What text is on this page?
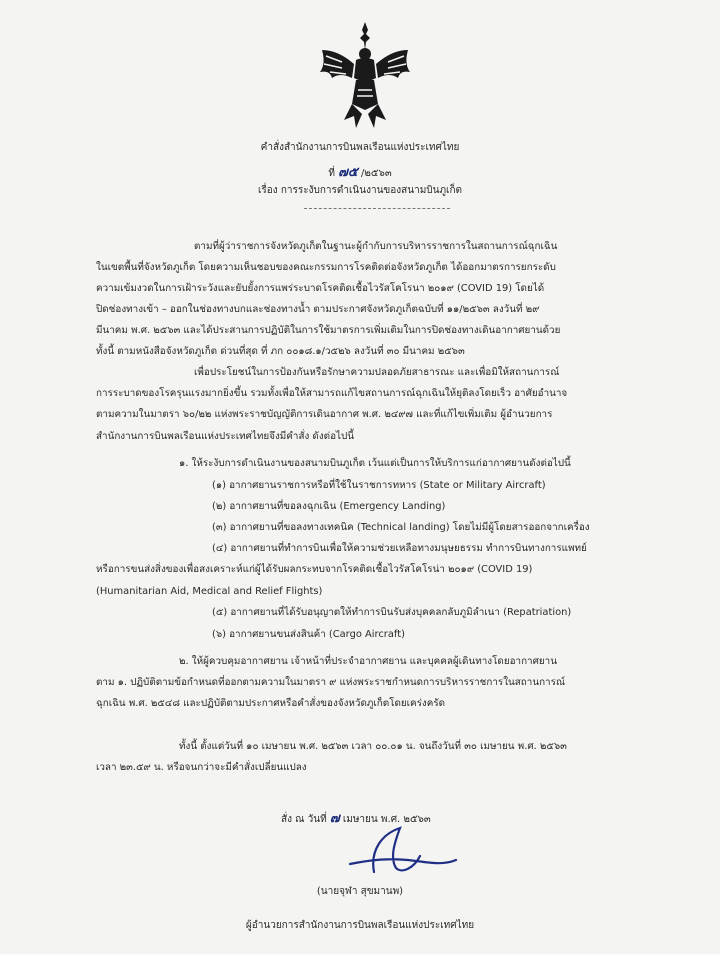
คำสั่งสำนักงานการบินพลเรือนแห่งประเทศไทย
ที่ ๗๕ /๒๕๖๓
เรื่อง การระงับการดำเนินงานของสนามบินภูเก็ต
ตามที่ผู้ว่าราชการจังหวัดภูเก็ตในฐานะผู้กำกับการบริหารราชการในสถานการณ์ฉุกเฉิน
ในเขตพื้นที่จังหวัดภูเก็ต โดยความเห็นชอบของคณะกรรมการโรคติดต่อจังหวัดภูเก็ต ได้ออกมาตรการยกระดับ
ความเข้มงวดในการเฝ้าระวังและยับยั้งการแพร่ระบาดโรคติดเชื้อไวรัสโคโรนา ๒๐๑๙ (COVID 19) โดยได้
ปิดช่องทางเข้า – ออกในช่องทางบกและช่องทางน้ำ ตามประกาศจังหวัดภูเก็ตฉบับที่ ๑๑/๒๕๖๓ ลงวันที่ ๒๙
มีนาคม พ.ศ. ๒๕๖๓ และได้ประสานการปฏิบัติในการใช้มาตรการเพิ่มเติมในการปิดช่องทางเดินอากาศยานด้วย
ทั้งนี้ ตามหนังสือจังหวัดภูเก็ต ด่วนที่สุด ที่ ภก ๐๐๑๘.๑/ว๕๒๖ ลงวันที่ ๓๐ มีนาคม ๒๕๖๓
เพื่อประโยชน์ในการป้องกันหรือรักษาความปลอดภัยสาธารณะ และเพื่อมิให้สถานการณ์
การระบาดของโรครุนแรงมากยิ่งขึ้น รวมทั้งเพื่อให้สามารถแก้ไขสถานการณ์ฉุกเฉินให้ยุติลงโดยเร็ว อาศัยอำนาจ
ตามความในมาตรา ๖๐/๒๒ แห่งพระราชบัญญัติการเดินอากาศ พ.ศ. ๒๔๙๗ และที่แก้ไขเพิ่มเติม ผู้อำนวยการ
สำนักงานการบินพลเรือนแห่งประเทศไทยจึงมีคำสั่ง ดังต่อไปนี้
๑. ให้ระงับการดำเนินงานของสนามบินภูเก็ต เว้นแต่เป็นการให้บริการแก่อากาศยานดังต่อไปนี้
(๑) อากาศยานราชการหรือที่ใช้ในราชการทหาร (State or Military Aircraft)
(๒) อากาศยานที่ขอลงฉุกเฉิน (Emergency Landing)
(๓) อากาศยานที่ขอลงทางเทคนิค (Technical landing) โดยไม่มีผู้โดยสารออกจากเครื่อง
(๔) อากาศยานที่ทำการบินเพื่อให้ความช่วยเหลือทางมนุษยธรรม ทำการบินทางการแพทย์
หรือการขนส่งสิ่งของเพื่อสงเคราะห์แก่ผู้ได้รับผลกระทบจากโรคติดเชื้อไวรัสโคโรน่า ๒๐๑๙ (COVID 19)
(Humanitarian Aid, Medical and Relief Flights)
(๕) อากาศยานที่ได้รับอนุญาตให้ทำการบินรับส่งบุคคลกลับภูมิลำเนา (Repatriation)
(๖) อากาศยานขนส่งสินค้า (Cargo Aircraft)
๒. ให้ผู้ควบคุมอากาศยาน เจ้าหน้าที่ประจำอากาศยาน และบุคคลผู้เดินทางโดยอากาศยาน
ตาม ๑. ปฏิบัติตามข้อกำหนดที่ออกตามความในมาตรา ๙ แห่งพระราชกำหนดการบริหารราชการในสถานการณ์
ฉุกเฉิน พ.ศ. ๒๕๔๘ และปฏิบัติตามประกาศหรือคำสั่งของจังหวัดภูเก็ตโดยเคร่งครัด
ทั้งนี้ ตั้งแต่วันที่ ๑๐ เมษายน พ.ศ. ๒๕๖๓ เวลา ๐๐.๐๑ น. จนถึงวันที่ ๓๐ เมษายน พ.ศ. ๒๕๖๓
เวลา ๒๓.๕๙ น. หรือจนกว่าจะมีคำสั่งเปลี่ยนแปลง
สั่ง ณ วันที่ ๗ เมษายน พ.ศ. ๒๕๖๓
(นายจุฬา สุขมานพ)
ผู้อำนวยการสำนักงานการบินพลเรือนแห่งประเทศไทย
